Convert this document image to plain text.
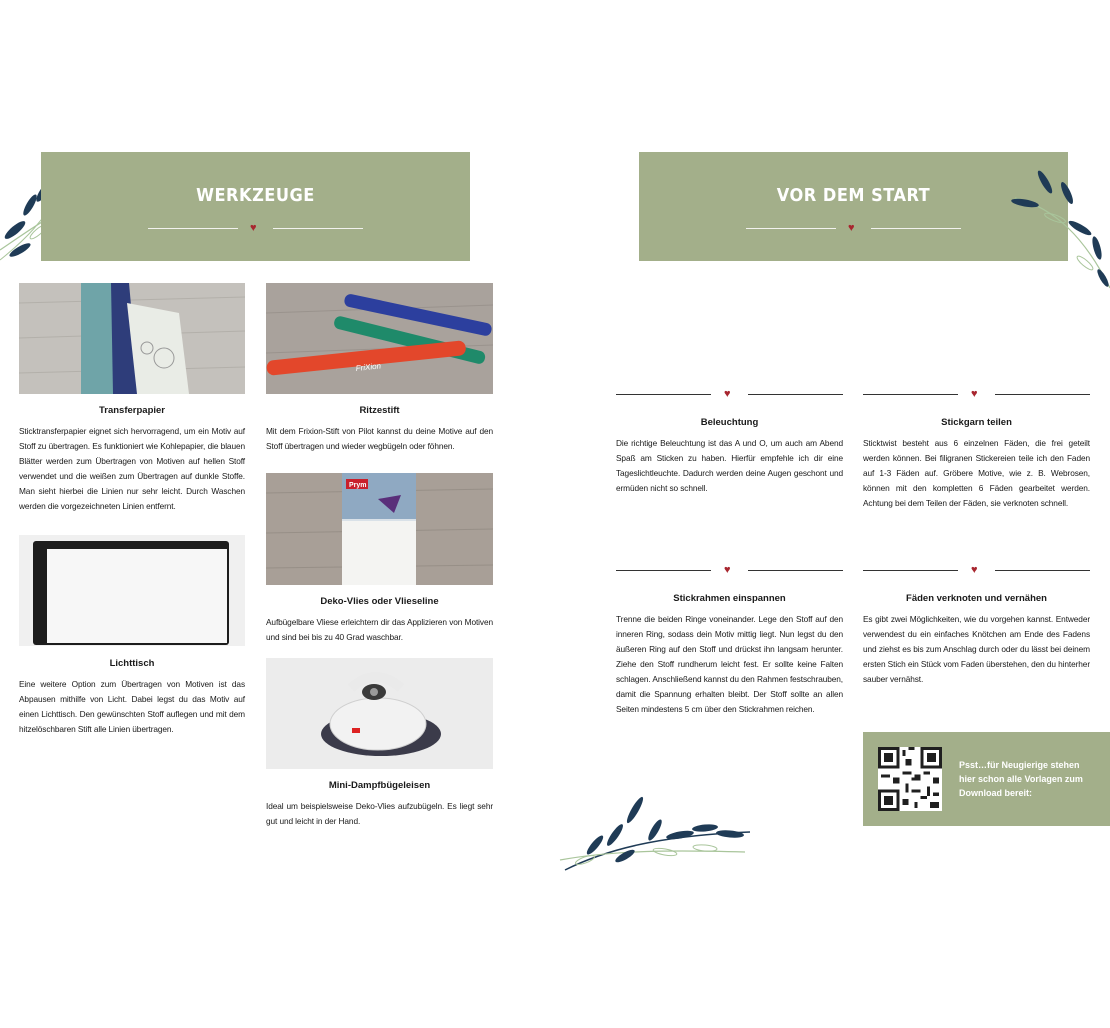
WERKZEUGE
♥
Transferpapier
Sticktransferpapier eignet sich hervorragend, um ein Motiv auf Stoff zu übertragen. Es funktioniert wie Kohlepapier, die blauen Blätter werden zum Übertragen von Motiven auf hellen Stoff verwendet und die weißen zum Übertragen auf dunkle Stoffe. Man sieht hierbei die Linien nur sehr leicht. Durch Waschen werden die vorgezeichneten Linien entfernt.
Lichttisch
Eine weitere Option zum Übertragen von Motiven ist das Abpausen mithilfe von Licht. Dabei legst du das Motiv auf einen Lichttisch. Den gewünschten Stoff auflegen und mit dem hitzelöschbaren Stift alle Linien übertragen.
FriXion
Ritzestift
Mit dem Frixion-Stift von Pilot kannst du deine Motive auf den Stoff übertragen und wieder wegbügeln oder föhnen.
Prym
Deko-Vlies oder Vlieseline
Aufbügelbare Vliese erleichtern dir das Applizieren von Motiven und sind bei bis zu 40 Grad waschbar.
Mini-Dampfbügeleisen
Ideal um beispielsweise Deko-Vlies aufzubügeln. Es liegt sehr gut und leicht in der Hand.
VOR DEM START
♥
♥
Beleuchtung
Die richtige Beleuchtung ist das A und O, um auch am Abend Spaß am Sticken zu haben. Hierfür empfehle ich dir eine Tageslichtleuchte. Dadurch werden deine Augen geschont und ermüden nicht so schnell.
♥
Stickgarn teilen
Sticktwist besteht aus 6 einzelnen Fäden, die frei geteilt werden können. Bei filigranen Stickereien teile ich den Faden auf 1-3 Fäden auf. Gröbere Motive, wie z. B. Webrosen, können mit den kompletten 6 Fäden gearbeitet werden. Achtung bei dem Teilen der Fäden, sie verknoten schnell.
♥
Stickrahmen einspannen
Trenne die beiden Ringe voneinander. Lege den Stoff auf den inneren Ring, sodass dein Motiv mittig liegt. Nun legst du den äußeren Ring auf den Stoff und drückst ihn langsam herunter. Ziehe den Stoff rundherum leicht fest. Er sollte keine Falten schlagen. Anschließend kannst du den Rahmen festschrauben, damit die Spannung erhalten bleibt. Der Stoff sollte an allen Seiten mindestens 5 cm über den Stickrahmen reichen.
♥
Fäden verknoten und vernähen
Es gibt zwei Möglichkeiten, wie du vorgehen kannst. Entweder verwendest du ein einfaches Knötchen am Ende des Fadens und ziehst es bis zum Anschlag durch oder du lässt bei deinem ersten Stich ein Stück vom Faden überstehen, den du hinterher sauber vernähst.
Psst…für Neugierige stehen hier schon alle Vorlagen zum Download bereit:
